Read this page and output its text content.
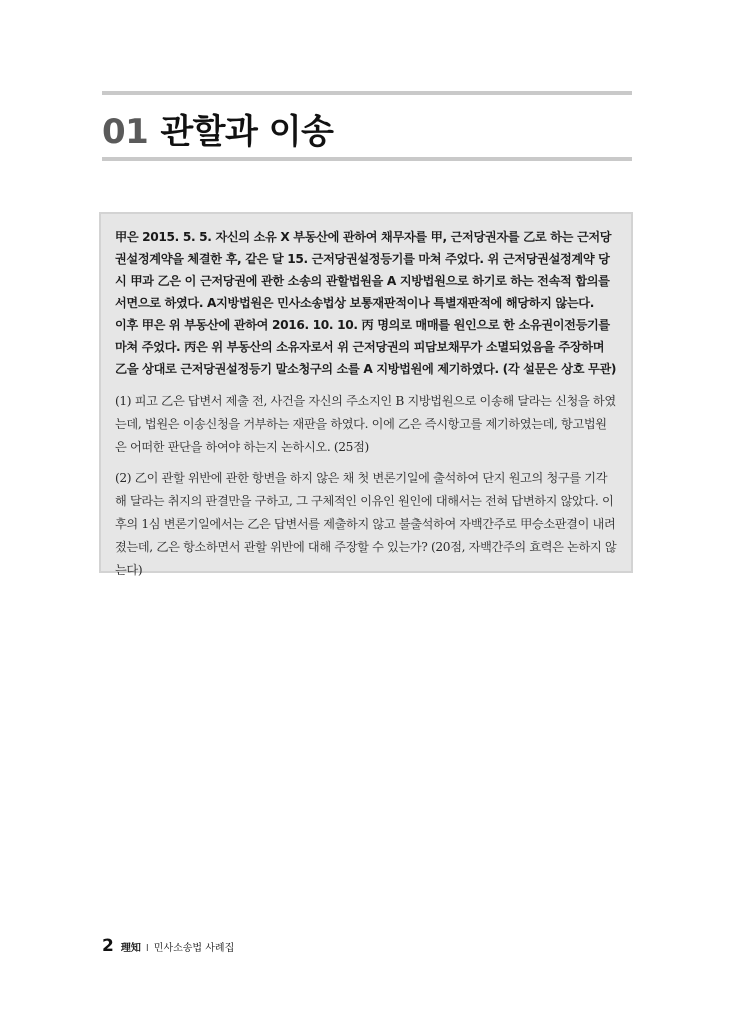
01 관할과 이송

甲은 2015. 5. 5. 자신의 소유 X 부동산에 관하여 채무자를 甲, 근저당권자를 乙로 하는 근저당권설정계약을 체결한 후, 같은 달 15. 근저당권설정등기를 마쳐 주었다. 위 근저당권설정계약 당시 甲과 乙은 이 근저당권에 관한 소송의 관할법원을 A 지방법원으로 하기로 하는 전속적 합의를 서면으로 하였다. A지방법원은 민사소송법상 보통재판적이나 특별재판적에 해당하지 않는다.

이후 甲은 위 부동산에 관하여 2016. 10. 10. 丙 명의로 매매를 원인으로 한 소유권이전등기를 마쳐 주었다. 丙은 위 부동산의 소유자로서 위 근저당권의 피담보채무가 소멸되었음을 주장하며 乙을 상대로 근저당권설정등기 말소청구의 소를 A 지방법원에 제기하였다. (각 설문은 상호 무관)

(1) 피고 乙은 답변서 제출 전, 사건을 자신의 주소지인 B 지방법원으로 이송해 달라는 신청을 하였는데, 법원은 이송신청을 거부하는 재판을 하였다. 이에 乙은 즉시항고를 제기하였는데, 항고법원은 어떠한 판단을 하여야 하는지 논하시오. (25점)

(2) 乙이 관할 위반에 관한 항변을 하지 않은 채 첫 변론기일에 출석하여 단지 원고의 청구를 기각해 달라는 취지의 판결만을 구하고, 그 구체적인 이유인 원인에 대해서는 전혀 답변하지 않았다. 이후의 1심 변론기일에서는 乙은 답변서를 제출하지 않고 불출석하여 자백간주로 甲승소판결이 내려졌는데, 乙은 항소하면서 관할 위반에 대해 주장할 수 있는가? (20점, 자백간주의 효력은 논하지 않는다)

2 理知 I 민사소송법 사례집
